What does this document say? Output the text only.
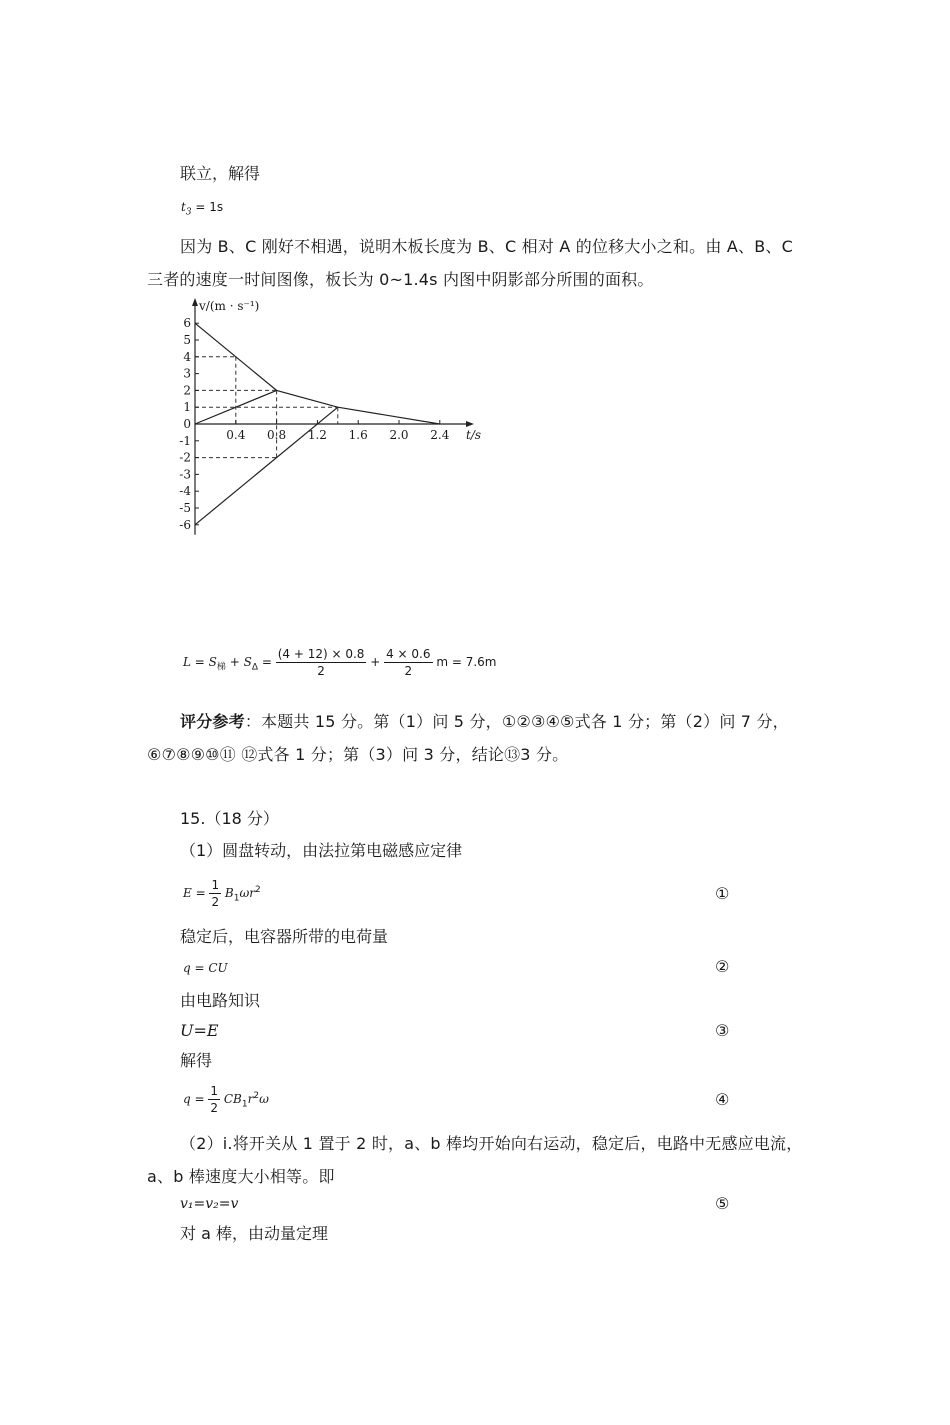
联立，解得
$t_3 = 1s$
因为 B、C 刚好不相遇，说明木板长度为 B、C 相对 A 的位移大小之和。由 A、B、C 三者的速度一时间图像，板长为 0~1.4s 内图中阴影部分所围的面积。
6
5
4
3
2
1
0
-1
-2
-3
-4
-5
-6
0.4 0.8 1.2 1.6 2.0 2.4 t/s
v/(m · s⁻¹)
$L = S_梯 + S_\Delta = \frac{(4 + 12) \times 0.8}{2} + \frac{4 \times 0.6}{2}$ m = 7.6m
评分参考：本题共 15 分。第（1）问 5 分，①②③④⑤式各 1 分；第（2）问 7 分，⑥⑦⑧⑨⑩⑪ ⑫式各 1 分；第（3）问 3 分，结论⑬3 分。
15.（18 分）
（1）圆盘转动，由法拉第电磁感应定律
$E = \frac{1}{2} B_1\omega r^2$	①
稳定后，电容器所带的电荷量
q = CU	②
由电路知识
U=E	③
解得
$q = \frac{1}{2} CB_1r^2\omega$	④
（2）i.将开关从 1 置于 2 时，a、b 棒均开始向右运动，稳定后，电路中无感应电流，a、b 棒速度大小相等。即
v₁=v₂=v	⑤
对 a 棒，由动量定理
